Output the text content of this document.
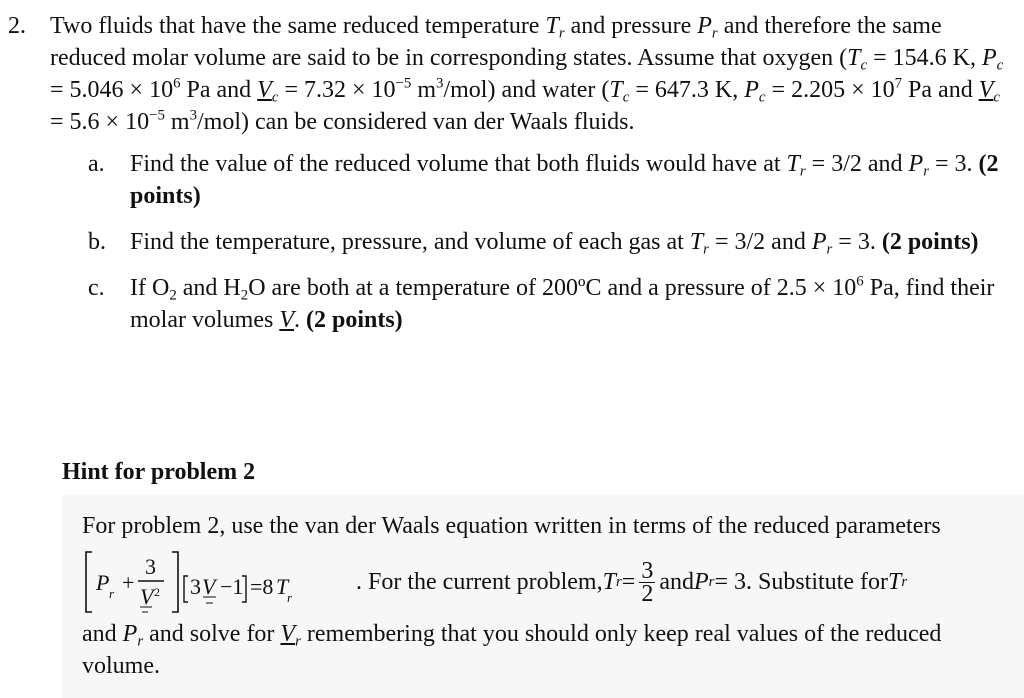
2. Two fluids that have the same reduced temperature $T_r$ and pressure $P_r$ and therefore the same reduced molar volume are said to be in corresponding states. Assume that oxygen ($T_c = 154.6$ K, $P_c = 5.046 \times 10^6$ Pa and $V_c = 7.32 \times 10^{-5}$ $m^3/mol$) and water ($T_c = 647.3$ K, $P_c = 2.205 \times 10^7$ Pa and $V_c = 5.6 \times 10^{-5}$ $m^3/mol$) can be considered van der Waals fluids.

a. Find the value of the reduced volume that both fluids would have at $T_r = 3/2$ and $P_r = 3$. (2 points)
b. Find the temperature, pressure, and volume of each gas at $T_r = 3/2$ and $P_r = 3$. (2 points)
c. If $O_2$ and $H_2O$ are both at a temperature of 200ºC and a pressure of $2.5 \times 10^6$ Pa, find their molar volumes V. (2 points)

Hint for problem 2

For problem 2, use the van der Waals equation written in terms of the reduced parameters

P r +
3
V 2 3 V −1 =8 T
r
. For the current problem, T $r = \frac{3}{2}$ and P r = 3. Substitute for T r

and $P_r$ and solve for $V_r$ remembering that you should only keep real values of the reduced volume.
